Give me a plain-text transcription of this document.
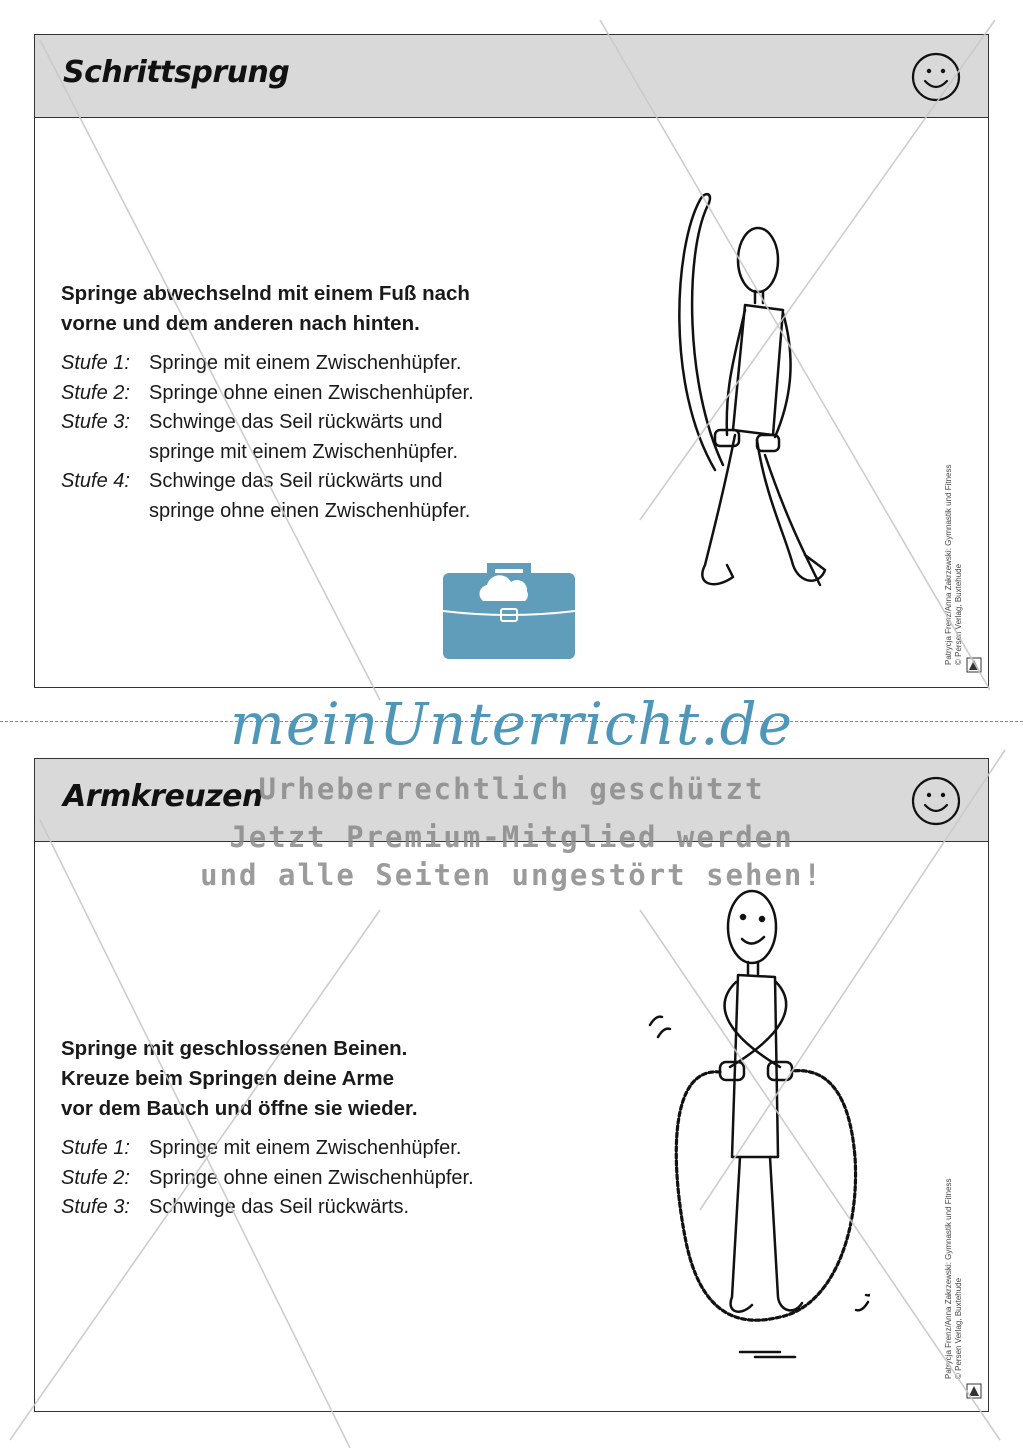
Schrittsprung

Springe abwechselnd mit einem Fuß nach
vorne und dem anderen nach hinten.

Stufe 1: Springe mit einem Zwischenhüpfer.
Stufe 2: Springe ohne einen Zwischenhüpfer.
Stufe 3: Schwinge das Seil rückwärts und
springe mit einem Zwischenhüpfer.
Stufe 4: Schwinge das Seil rückwärts und
springe ohne einen Zwischenhüpfer.	Patrycja Frenz/Anna Zakrzewski: Gymnastik und Fitness © Persen Verlag, Buxtehude
Armkreuzen

Springe mit geschlossenen Beinen.
Kreuze beim Springen deine Arme
vor dem Bauch und öffne sie wieder.

Stufe 1: Springe mit einem Zwischenhüpfer.
Stufe 2: Springe ohne einen Zwischenhüpfer.
Stufe 3: Schwinge das Seil rückwärts.	Patrycja Frenz/Anna Zakrzewski: Gymnastik und Fitness © Persen Verlag, Buxtehude
meinUnterricht.de
Urheberrechtlich geschützt
Jetzt Premium-Mitglied werden
und alle Seiten ungestört sehen!
